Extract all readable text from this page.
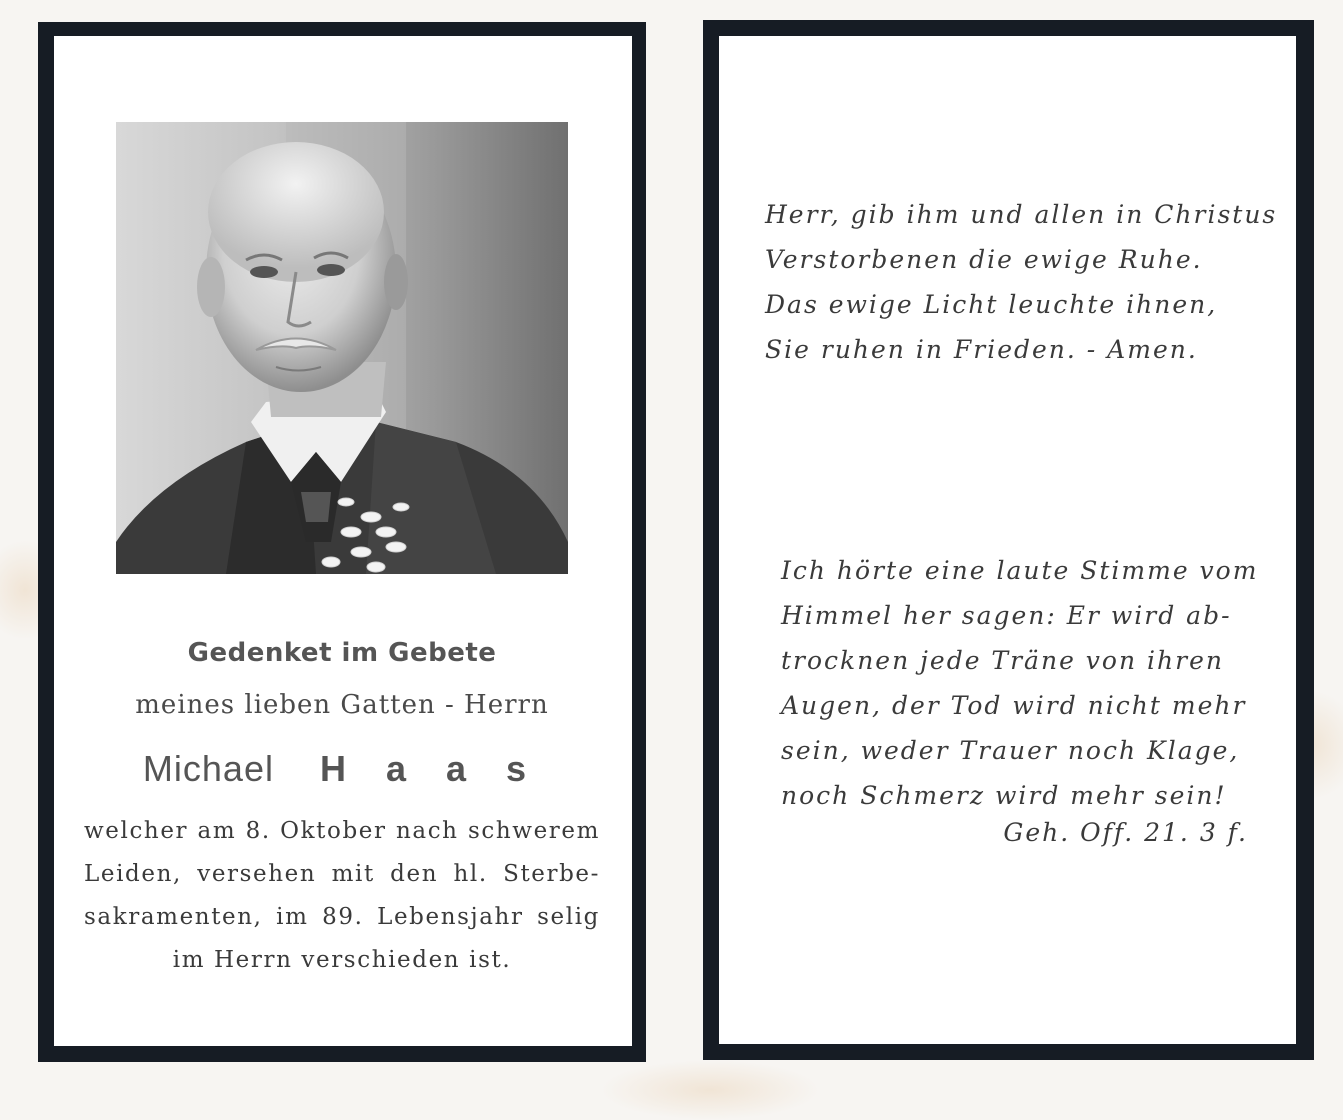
Gedenket im Gebete
meines lieben Gatten - Herrn
Michael H a a s
welcher am 8. Oktober nach schwerem
Leiden, versehen mit den hl. Sterbe-
sakramenten, im 89. Lebensjahr selig
im Herrn verschieden ist.
Herr, gib ihm und allen in Christus
Verstorbenen die ewige Ruhe.
Das ewige Licht leuchte ihnen,
Sie ruhen in Frieden. - Amen.
Ich hörte eine laute Stimme vom
Himmel her sagen: Er wird ab-
trocknen jede Träne von ihren
Augen, der Tod wird nicht mehr
sein, weder Trauer noch Klage,
noch Schmerz wird mehr sein!
Geh. Off. 21. 3 f.
